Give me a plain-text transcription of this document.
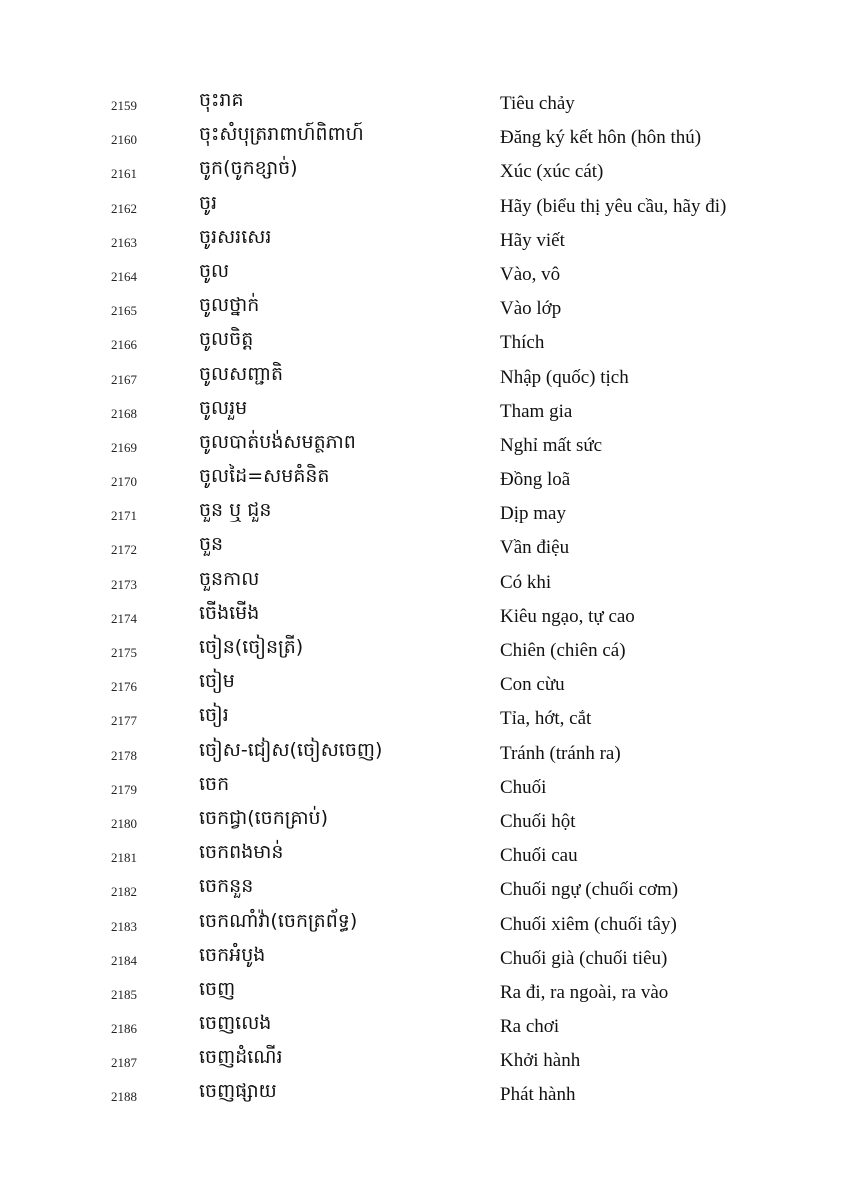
2159	ចុះរាគ	Tiêu chảy
2160	ចុះសំបុត្ររាពាហ៍ពិពាហ៍	Đăng ký kết hôn (hôn thú)
2161	ចូក(ចូកខ្សាច់)	Xúc (xúc cát)
2162	ចូរ	Hãy (biểu thị yêu cầu, hãy đi)
2163	ចូរសរសេរ	Hãy viết
2164	ចូល	Vào, vô
2165	ចូលថ្នាក់	Vào lớp
2166	ចូលចិត្ត	Thích
2167	ចូលសញ្ជាតិ	Nhập (quốc) tịch
2168	ចូលរួម	Tham gia
2169	ចូលបាត់បង់សមត្ថភាព	Nghỉ mất sức
2170	ចូលដៃ=សមគំនិត	Đồng loã
2171	ចួន ឬ ជួន	Dịp may
2172	ចួន	Vần điệu
2173	ចួនកាល	Có khi
2174	ចើងមើង	Kiêu ngạo, tự cao
2175	ចៀន(ចៀនត្រី)	Chiên (chiên cá)
2176	ចៀម	Con cừu
2177	ចៀរ	Tỉa, hớt, cắt
2178	ចៀស-ជៀស(ចៀសចេញ)	Tránh (tránh ra)
2179	ចេក	Chuối
2180	ចេកជ្វា(ចេកគ្រាប់)	Chuối hột
2181	ចេកពងមាន់	Chuối cau
2182	ចេកនួន	Chuối ngự (chuối cơm)
2183	ចេកណាំវ៉ា(ចេកត្រព័ទ្ធ)	Chuối xiêm (chuối tây)
2184	ចេកអំបូង	Chuối già (chuối tiêu)
2185	ចេញ	Ra đi, ra ngoài, ra vào
2186	ចេញលេង	Ra chơi
2187	ចេញដំណើរ	Khởi hành
2188	ចេញផ្សាយ	Phát hành
